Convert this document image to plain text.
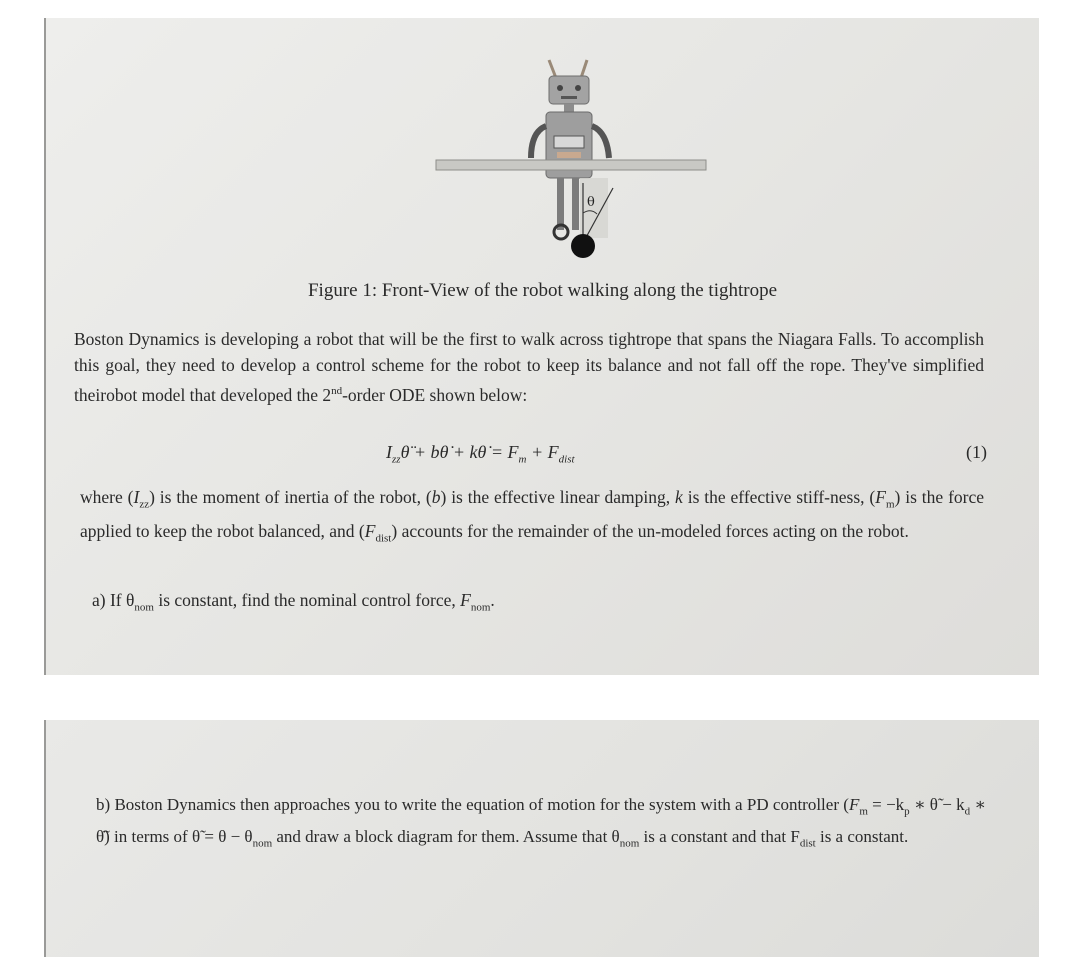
θ
Figure 1: Front-View of the robot walking along the tightrope
Boston Dynamics is developing a robot that will be the first to walk across tightrope that spans the Niagara Falls. To accomplish this goal, they need to develop a control scheme for the robot to keep its balance and not fall off the rope. They've simplified theirobot model that developed the 2nd-order ODE shown below:
$I_{zz}\thetä$ + bθ̇ + kθ̇ = $F_m + F_{dist}$	(1)
where $(I_{zz})$ is the moment of inertia of the robot, (b) is the effective linear damping, k is the effective stiff-ness, $(F_m)$ is the force applied to keep the robot balanced, and $(F_{dist})$ accounts for the remainder of the un-modeled forces acting on the robot.
a) If $\theta_{nom}$ is constant, find the nominal control force, $F_{nom}$.
b) Boston Dynamics then approaches you to write the equation of motion for the system with a PD controller ($F_m = -k_p$ ∗ θ̃ − $k_d$ ∗ θ̃̇) in terms of θ̃ = $\theta - \theta_{nom}$ and draw a block diagram for them. Assume that $\theta_{nom}$ is a constant and that $F_{dist}$ is a constant.
